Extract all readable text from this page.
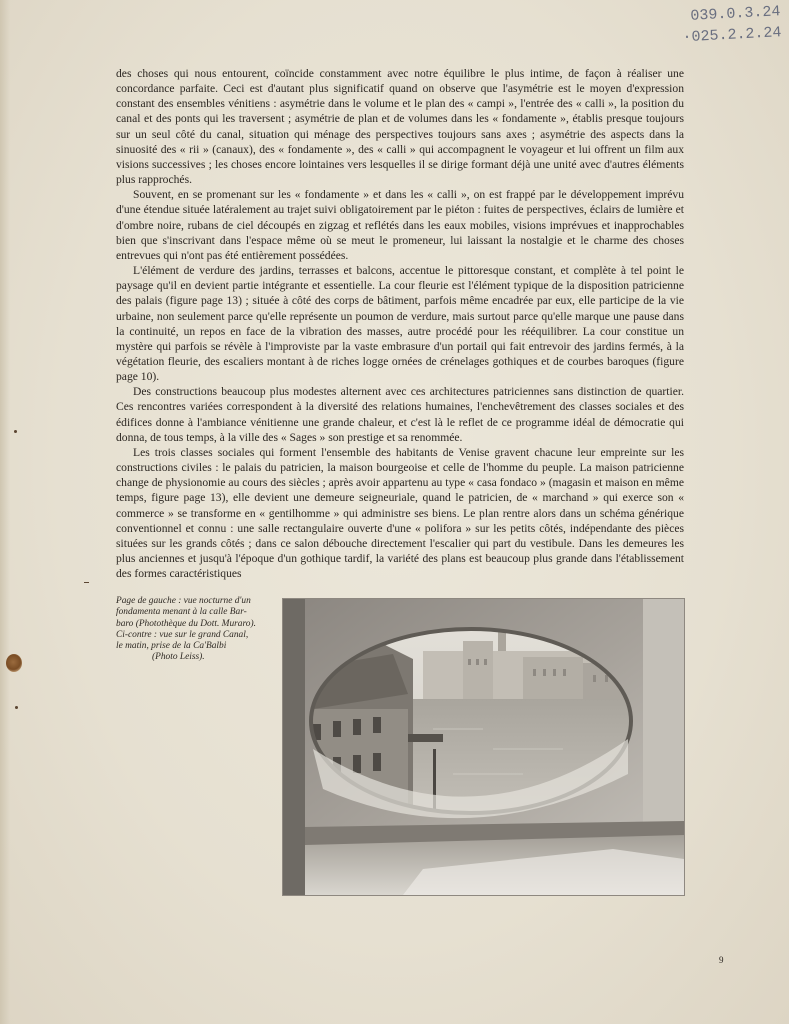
039.0.3.24
·025.2.2.24

des choses qui nous entourent, coïncide constamment avec notre équilibre le plus intime, de façon à réaliser une concordance parfaite. Ceci est d'autant plus significatif quand on observe que l'asymétrie est le moyen d'expression constant des ensembles vénitiens : asymétrie dans le volume et le plan des « campi », l'entrée des « calli », la position du canal et des ponts qui les traversent ; asymétrie de plan et de volumes dans les « fondamente », établis presque toujours sur un seul côté du canal, situation qui ménage des perspectives toujours sans axes ; asymétrie des aspects dans la sinuosité des « rii » (canaux), des « fondamente », des « calli » qui accompagnent le voyageur et lui offrent un film aux visions successives ; les choses encore lointaines vers lesquelles il se dirige formant déjà une unité avec d'autres éléments plus rapprochés.

Souvent, en se promenant sur les « fondamente » et dans les « calli », on est frappé par le développement imprévu d'une étendue située latéralement au trajet suivi obligatoirement par le piéton : fuites de perspectives, éclairs de lumière et d'ombre noire, rubans de ciel découpés en zigzag et reflétés dans les eaux mobiles, visions imprévues et inapprochables bien que s'inscrivant dans l'espace même où se meut le promeneur, lui laissant la nostalgie et le charme des choses entrevues qui n'ont pas été entièrement possédées.

L'élément de verdure des jardins, terrasses et balcons, accentue le pittoresque constant, et complète à tel point le paysage qu'il en devient partie intégrante et essentielle. La cour fleurie est l'élément typique de la disposition patricienne des palais (figure page 13) ; située à côté des corps de bâtiment, parfois même encadrée par eux, elle participe de la vie urbaine, non seulement parce qu'elle représente un poumon de verdure, mais surtout parce qu'elle marque une pause dans la continuité, un repos en face de la vibration des masses, autre procédé pour les rééquilibrer. La cour constitue un mystère qui parfois se révèle à l'improviste par la vaste embrasure d'un portail qui fait entrevoir des jardins fermés, à la végétation fleurie, des escaliers montant à de riches logge ornées de crénelages gothiques et de courbes baroques (figure page 10).

Des constructions beaucoup plus modestes alternent avec ces architectures patriciennes sans distinction de quartier. Ces rencontres variées correspondent à la diversité des relations humaines, l'enchevêtrement des classes sociales et des édifices donne à l'ambiance vénitienne une grande chaleur, et c'est là le reflet de ce programme idéal de démocratie qui donna, de tous temps, à la ville des « Sages » son prestige et sa renommée.

Les trois classes sociales qui forment l'ensemble des habitants de Venise gravent chacune leur empreinte sur les constructions civiles : le palais du patricien, la maison bourgeoise et celle de l'homme du peuple. La maison patricienne change de physionomie au cours des siècles ; après avoir appartenu au type « casa fondaco » (magasin et maison en même temps, figure page 13), elle devient une demeure seigneuriale, quand le patricien, de « marchand » qui exerce son « commerce » se transforme en « gentilhomme » qui administre ses biens. Le plan rentre alors dans un schéma générique conventionnel et connu : une salle rectangulaire ouverte d'une « polifora » sur les petits côtés, indépendante des pièces situées sur les grands côtés ; dans ce salon débouche directement l'escalier qui part du vestibule. Dans les demeures les plus anciennes et jusqu'à l'époque d'un gothique tardif, la variété des plans est beaucoup plus grande dans l'établissement des formes caractéristiques

Page de gauche : vue nocturne d'un
fondamenta menant à la calle Bar-
baro (Photothèque du Dott. Muraro).
Ci-contre : vue sur le grand Canal,
le matin, prise de la Ca'Balbi
(Photo Leiss).
9
